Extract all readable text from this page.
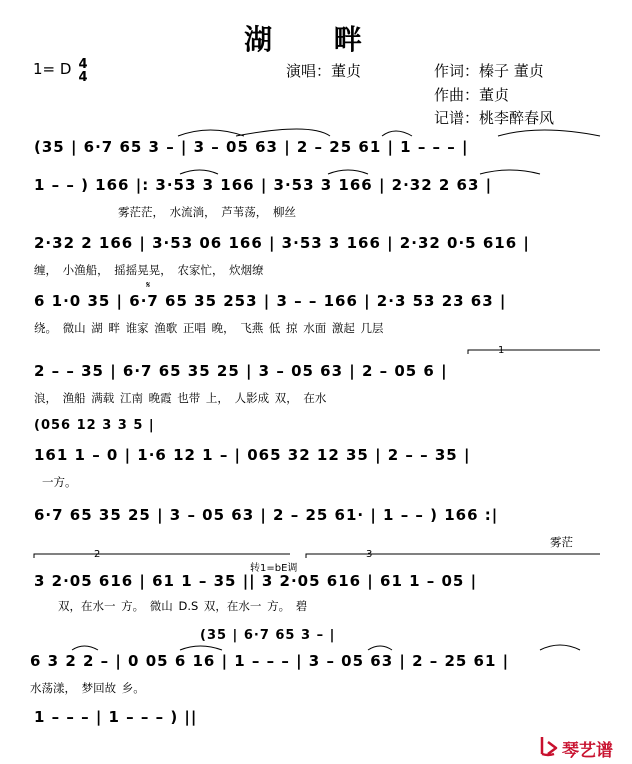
湖 畔
1= D 4
4	演唱：董贞	作词：榛子 董贞
作曲：董贞
记谱：桃李醉春风
(35 | 6·7 65 3 – | 3 – 05 63 | 2 – 25 61 | 1 – – – |
1 – – ) 166 |: 3·53 3 166 | 3·53 3 166 | 2·32 2 63 |
雾茫茫， 水流淌， 芦苇荡， 柳丝
2·32 2 166 | 3·53 06 166 | 3·53 3 166 | 2·32 0·5 616 |
缠， 小渔船， 摇摇晃晃， 农家忙， 炊烟缭
6 1·0 35 | 6·7 65 35 253 | 3 – – 166 | 2·3 53 23 63 |
𝄋
绕。 微山 湖 畔 谁家 渔歌 正唱 晚， 飞燕 低 掠 水面 激起 几层
1
2 – – 35 | 6·7 65 35 25 | 3 – 05 63 | 2 – 05 6 |
浪， 渔船 满载 江南 晚霞 也带 上， 人影成 双， 在水
(056 12 3 3 5 |
161 1 – 0 | 1·6 12 1 – | 065 32 12 35 | 2 – – 35 |
一方。
6·7 65 35 25 | 3 – 05 63 | 2 – 25 61· | 1 – – ) 166 :|
雾茫
2	3
转1=bE调
3 2·05 616 | 61 1 – 35 || 3 2·05 616 | 61 1 – 05 |
双，在水一 方。 微山 D.S 双，在水一 方。 碧
(35 | 6·7 65 3 – |
6 3 2 2 – | 0 05 6 16 | 1 – – – | 3 – 05 63 | 2 – 25 61 |
水荡漾， 梦回故 乡。
1 – – – | 1 – – – ) ||
琴艺谱
